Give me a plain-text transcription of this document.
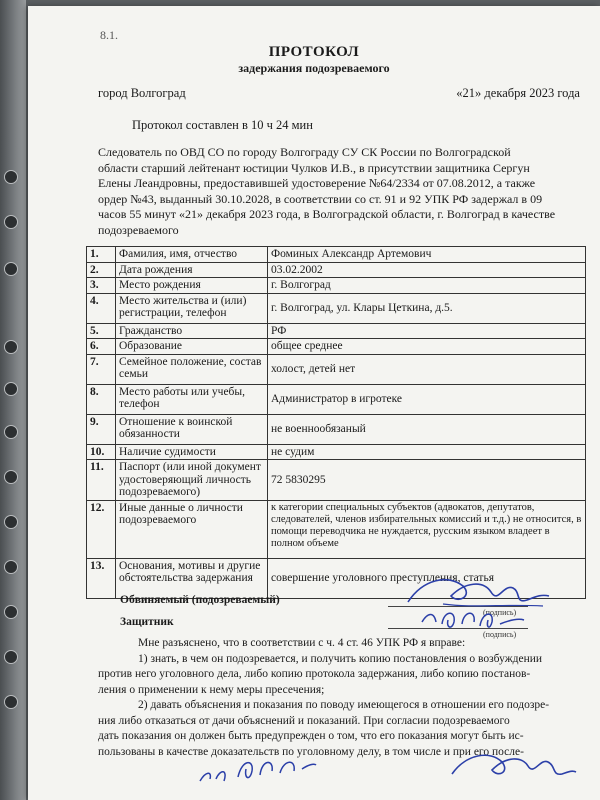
8.1.
ПРОТОКОЛ
задержания подозреваемого
город Волгоград	«21» декабря 2023 года
Протокол составлен в 10 ч 24 мин
Следователь по ОВД СО по городу Волгограду СУ СК России по Волгоградской
области старший лейтенант юстиции Чулков И.В., в присутствии защитника Сергун
Елены Леандровны, предоставившей удостоверение №64/2334 от 07.08.2012, а также
ордер №43, выданный 30.10.2028, в соответствии со ст. 91 и 92 УПК РФ задержал в 09
часов 55 минут «21» декабря 2023 года, в Волгоградской области, г. Волгоград в качестве
подозреваемого
1.	Фамилия, имя, отчество	Фоминых Александр Артемович
2.	Дата рождения	03.02.2002
3.	Место рождения	г. Волгоград
4.	Место жительства и (или) регистрации, телефон	г. Волгоград, ул. Клары Цеткина, д.5.
5.	Гражданство	РФ
6.	Образование	общее среднее
7.	Семейное положение, состав семьи	холост, детей нет
8.	Место работы или учебы, телефон	Администратор в игротеке
9.	Отношение к воинской обязанности	не военнообязаный
10.	Наличие судимости	не судим
11.	Паспорт (или иной документ удостоверяющий личность подозреваемого)	72 5830295
12.	Иные данные о личности подозреваемого	к категории специальных субъектов (адвокатов, депутатов, следователей, членов избирательных комиссий и т.д.) не относится, в помощи переводчика не нуждается, русским языком владеет в полном объеме
13.	Основания, мотивы и другие обстоятельства задержания	совершение уголовного преступления, статья
Обвиняемый (подозреваемый)
(подпись)
Защитник
(подпись)

Мне разъяснено, что в соответствии с ч. 4 ст. 46 УПК РФ я вправе:

1) знать, в чем он подозревается, и получить копию постановления о возбуждении

против него уголовного дела, либо копию протокола задержания, либо копию постанов-

ления о применении к нему меры пресечения;

2) давать объяснения и показания по поводу имеющегося в отношении его подозре-

ния либо отказаться от дачи объяснений и показаний. При согласии подозреваемого

дать показания он должен быть предупрежден о том, что его показания могут быть ис-

пользованы в качестве доказательств по уголовному делу, в том числе и при его после-
